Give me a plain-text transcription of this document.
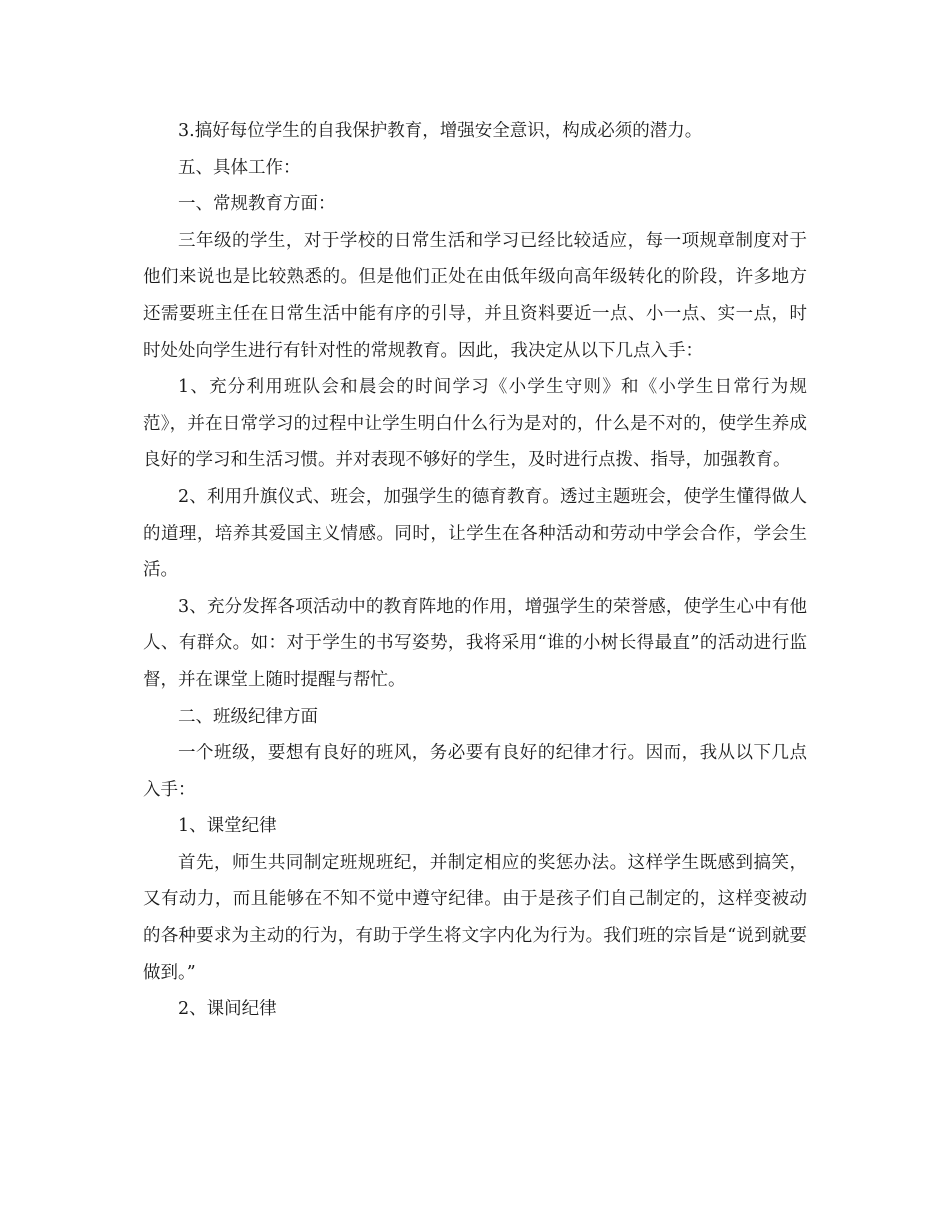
3.搞好每位学生的自我保护教育，增强安全意识，构成必须的潜力。

五、具体工作：

一、常规教育方面：

三年级的学生，对于学校的日常生活和学习已经比较适应，每一项规章制度对于他们来说也是比较熟悉的。但是他们正处在由低年级向高年级转化的阶段，许多地方还需要班主任在日常生活中能有序的引导，并且资料要近一点、小一点、实一点，时时处处向学生进行有针对性的常规教育。因此，我决定从以下几点入手：

1、充分利用班队会和晨会的时间学习《小学生守则》和《小学生日常行为规范》，并在日常学习的过程中让学生明白什么行为是对的，什么是不对的，使学生养成良好的学习和生活习惯。并对表现不够好的学生，及时进行点拨、指导，加强教育。

2、利用升旗仪式、班会，加强学生的德育教育。透过主题班会，使学生懂得做人的道理，培养其爱国主义情感。同时，让学生在各种活动和劳动中学会合作，学会生活。

3、充分发挥各项活动中的教育阵地的作用，增强学生的荣誉感，使学生心中有他人、有群众。如：对于学生的书写姿势，我将采用“谁的小树长得最直”的活动进行监督，并在课堂上随时提醒与帮忙。

二、班级纪律方面

一个班级，要想有良好的班风，务必要有良好的纪律才行。因而，我从以下几点入手：

1、课堂纪律

首先，师生共同制定班规班纪，并制定相应的奖惩办法。这样学生既感到搞笑，又有动力，而且能够在不知不觉中遵守纪律。由于是孩子们自己制定的，这样变被动的各种要求为主动的行为，有助于学生将文字内化为行为。我们班的宗旨是“说到就要做到。”

2、课间纪律
